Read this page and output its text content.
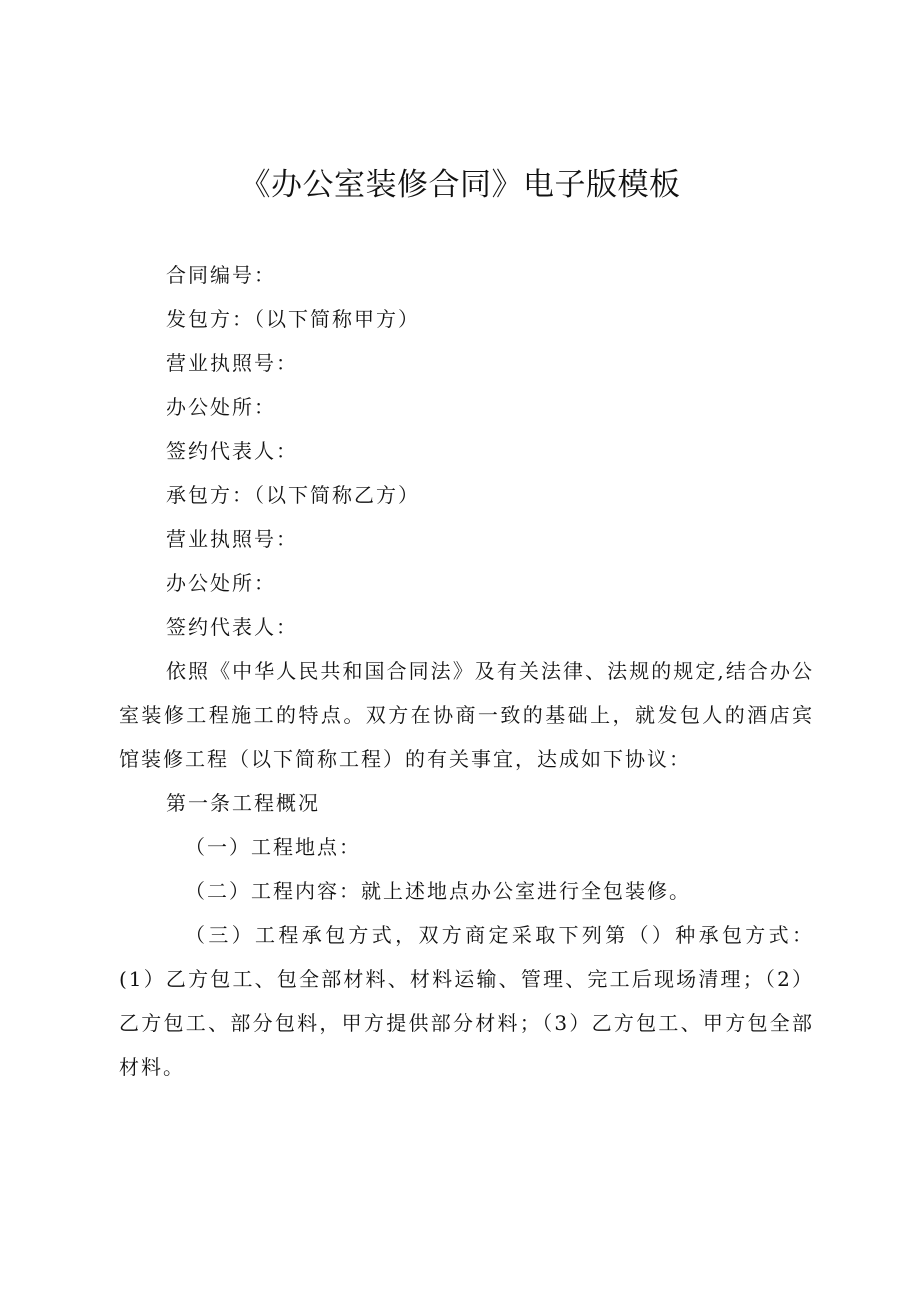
《办公室装修合同》电子版模板
合同编号：
发包方：（以下简称甲方）
营业执照号：
办公处所：
签约代表人：
承包方：（以下简称乙方）
营业执照号：
办公处所：
签约代表人：

依照《中华人民共和国合同法》及有关法律、法规的规定,结合办公室装修工程施工的特点。双方在协商一致的基础上，就发包人的酒店宾馆装修工程（以下简称工程）的有关事宜，达成如下协议：

第一条工程概况
（一）工程地点：
（二）工程内容：就上述地点办公室进行全包装修。

（三）工程承包方式，双方商定采取下列第（）种承包方式：(1）乙方包工、包全部材料、材料运输、管理、完工后现场清理；（2）乙方包工、部分包料，甲方提供部分材料；（3）乙方包工、甲方包全部材料。
